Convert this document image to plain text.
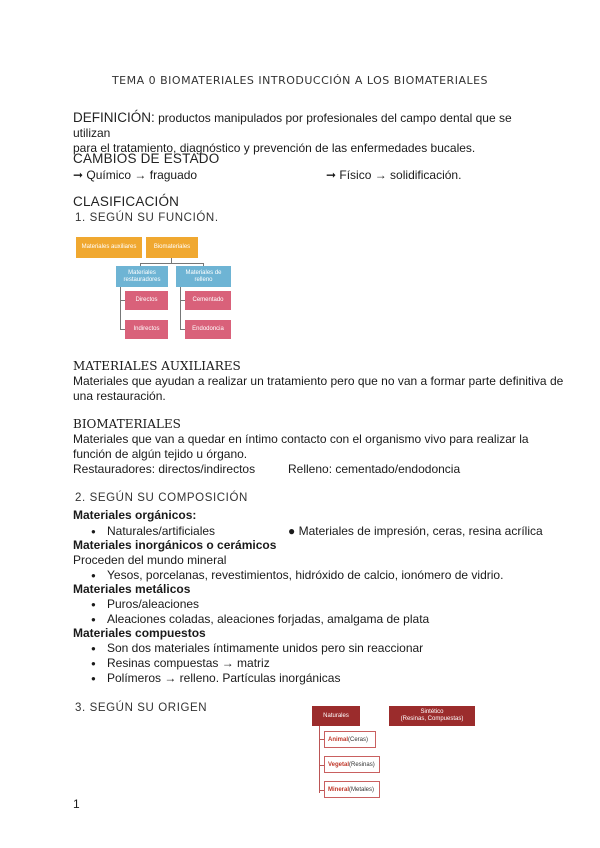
TEMA 0 BIOMATERIALES INTRODUCCIÓN A LOS BIOMATERIALES
DEFINICIÓN: productos manipulados por profesionales del campo dental que se utilizan
para el tratamiento, diagnóstico y prevención de las enfermedades bucales.
CAMBIOS DE ESTADO
➞ Químico → fraguado	➞ Físico → solidificación.
CLASIFICACIÓN
1. SEGÚN SU FUNCIÓN.
Materiales auxiliares	Biomateriales
Materiales restauradores
Materiales de relleno
Directos
Indirectos
Cementado
Endodoncia
MATERIALES AUXILIARES
Materiales que ayudan a realizar un tratamiento pero que no van a formar parte definitiva de
una restauración.
BIOMATERIALES
Materiales que van a quedar en íntimo contacto con el organismo vivo para realizar la
función de algún tejido u órgano.
Restauradores: directos/indirectos	Relleno: cementado/endodoncia
2. SEGÚN SU COMPOSICIÓN
Materiales orgánicos:
● Naturales/artificiales	● Materiales de impresión, ceras, resina acrílica
Materiales inorgánicos o cerámicos
Proceden del mundo mineral
● Yesos, porcelanas, revestimientos, hidróxido de calcio, ionómero de vidrio.
Materiales metálicos
● Puros/aleaciones
● Aleaciones coladas, aleaciones forjadas, amalgama de plata
Materiales compuestos
● Son dos materiales íntimamente unidos pero sin reaccionar
● Resinas compuestas → matriz
● Polímeros → relleno. Partículas inorgánicas
3. SEGÚN SU ORIGEN
Naturales
Sintético
(Resinas, Compuestas)
Animal (Ceras)
Vegetal (Resinas)
Mineral (Metales)
1
